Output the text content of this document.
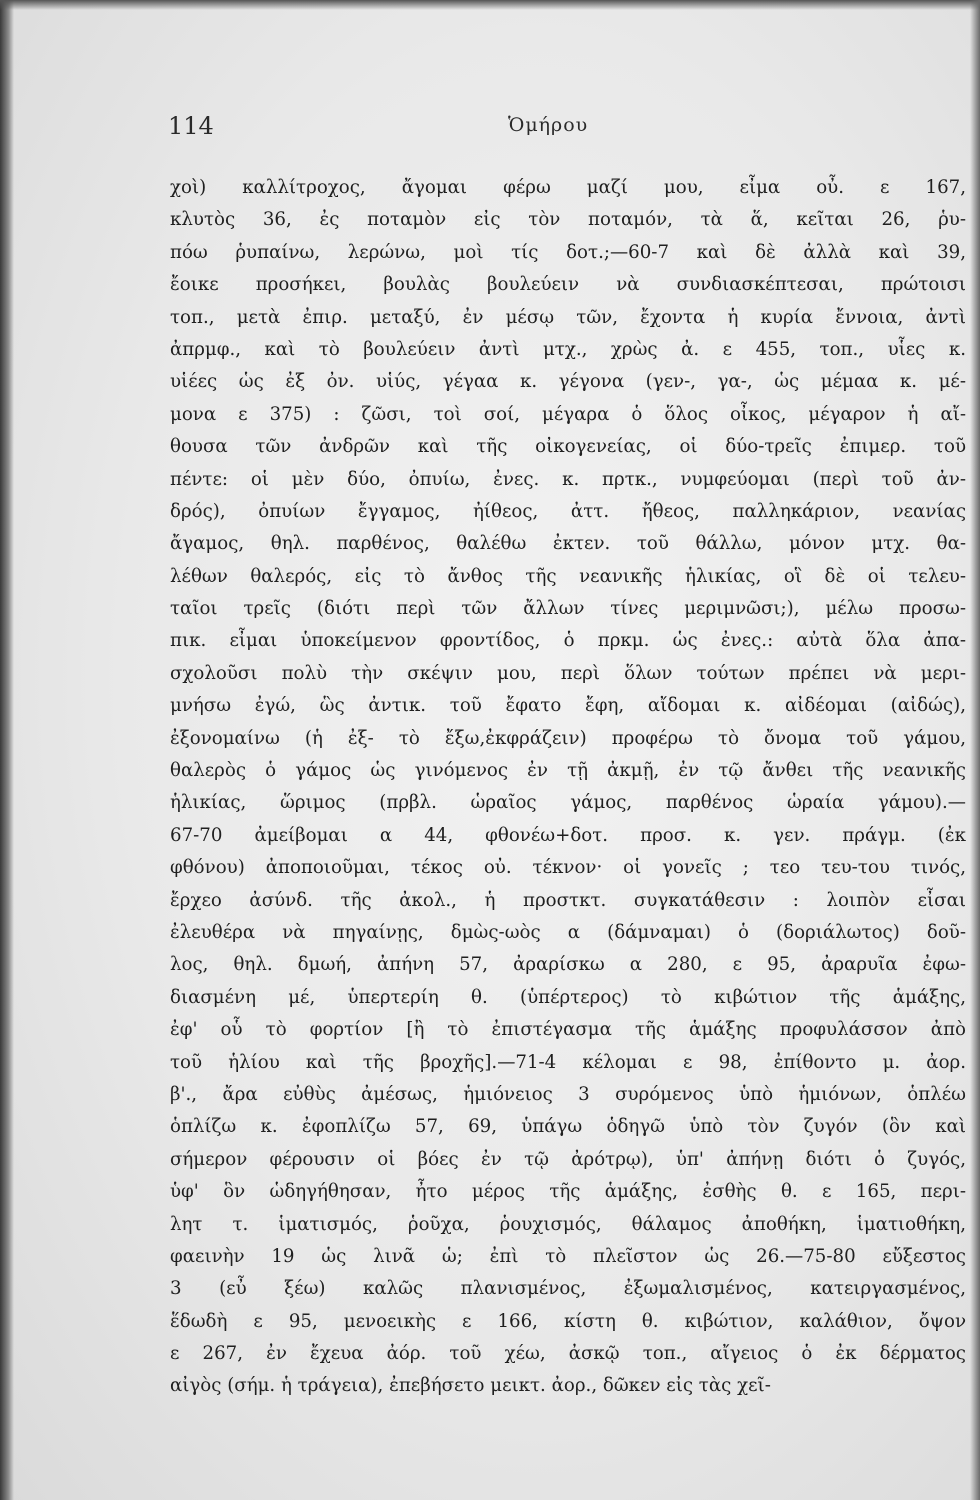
114	Ὁμήρου
χοὶ) καλλίτροχος, ἄγομαι φέρω μαζί μου, εἶμα οὖ. ε 167,
κλυτὸς 36, ἐς ποταμὸν εἰς τὸν ποταμόν, τὰ ἅ, κεῖται 26, ῥυ-
πόω ῥυπαίνω, λερώνω, μοὶ τίς δοτ.;—60-7 καὶ δὲ ἀλλὰ καὶ 39,
ἔοικε προσήκει, βουλὰς βουλεύειν νὰ συνδιασκέπτεσαι, πρώτοισι
τοπ., μετὰ ἐπιρ. μεταξύ, ἐν μέσῳ τῶν, ἔχοντα ἡ κυρία ἔννοια, ἀντὶ
ἀπρμφ., καὶ τὸ βουλεύειν ἀντὶ μτχ., χρὼς ἀ. ε 455, τοπ., υἷες κ.
υἱέες ὡς ἐξ ὀν. υἱύς, γέγαα κ. γέγονα (γεν-, γα-, ὡς μέμαα κ. μέ-
μονα ε 375) : ζῶσι, τοὶ σοί, μέγαρα ὁ ὅλος οἶκος, μέγαρον ἡ αἴ-
θουσα τῶν ἀνδρῶν καὶ τῆς οἰκογενείας, οἱ δύο-τρεῖς ἐπιμερ. τοῦ
πέντε: οἱ μὲν δύο, ὀπυίω, ἐνες. κ. πρτκ., νυμφεύομαι (περὶ τοῦ ἀν-
δρός), ὀπυίων ἔγγαμος, ἠίθεος, ἀττ. ἤθεος, παλληκάριον, νεανίας
ἄγαμος, θηλ. παρθένος, θαλέθω ἐκτεν. τοῦ θάλλω, μόνον μτχ. θα-
λέθων θαλερός, εἰς τὸ ἄνθος τῆς νεανικῆς ἡλικίας, οἳ δὲ οἱ τελευ-
ταῖοι τρεῖς (διότι περὶ τῶν ἄλλων τίνες μεριμνῶσι;), μέλω προσω-
πικ. εἶμαι ὑποκείμενον φροντίδος, ὁ πρκμ. ὡς ἐνες.: αὐτὰ ὅλα ἀπα-
σχολοῦσι πολὺ τὴν σκέψιν μου, περὶ ὅλων τούτων πρέπει νὰ μερι-
μνήσω ἐγώ, ὣς ἀντικ. τοῦ ἔφατο ἔφη, αἴδομαι κ. αἰδέομαι (αἰδώς),
ἐξονομαίνω (ἡ ἐξ- τὸ ἔξω,ἐκφράζειν) προφέρω τὸ ὄνομα τοῦ γάμου,
θαλερὸς ὁ γάμος ὡς γινόμενος ἐν τῇ ἀκμῇ, ἐν τῷ ἄνθει τῆς νεανικῆς
ἡλικίας, ὥριμος (πρβλ. ὡραῖος γάμος, παρθένος ὡραία γάμου).—
67-70 ἀμείβομαι α 44, φθονέω+δοτ. προσ. κ. γεν. πράγμ. (ἐκ
φθόνου) ἀποποιοῦμαι, τέκος οὐ. τέκνον· οἱ γονεῖς ; τεο τευ-του τινός,
ἔρχεο ἀσύνδ. τῆς ἀκολ., ἡ προστκτ. συγκατάθεσιν : λοιπὸν εἶσαι
ἐλευθέρα νὰ πηγαίνῃς, δμὼς-ωὸς α (δάμναμαι) ὁ (δοριάλωτος) δοῦ-
λος, θηλ. δμωή, ἀπήνη 57, ἀραρίσκω α 280, ε 95, ἀραρυῖα ἐφω-
διασμένη μέ, ὑπερτερίη θ. (ὑπέρτερος) τὸ κιβώτιον τῆς ἁμάξης,
ἐφ' οὗ τὸ φορτίον [ἢ τὸ ἐπιστέγασμα τῆς ἁμάξης προφυλάσσον ἀπὸ
τοῦ ἡλίου καὶ τῆς βροχῆς].—71-4 κέλομαι ε 98, ἐπίθοντο μ. ἀορ.
β'., ἄρα εὐθὺς ἀμέσως, ἡμιόνειος 3 συρόμενος ὑπὸ ἡμιόνων, ὁπλέω
ὁπλίζω κ. ἐφοπλίζω 57, 69, ὑπάγω ὁδηγῶ ὑπὸ τὸν ζυγόν (ὃν καὶ
σήμερον φέρουσιν οἱ βόες ἐν τῷ ἀρότρῳ), ὑπ' ἀπήνῃ διότι ὁ ζυγός,
ὑφ' ὃν ὡδηγήθησαν, ἦτο μέρος τῆς ἁμάξης, ἐσθὴς θ. ε 165, περι-
λητ τ. ἱματισμός, ῥοῦχα, ῥουχισμός, θάλαμος ἀποθήκη, ἱματιοθήκη,
φαεινὴν 19 ὡς λινᾶ ὡ; ἐπὶ τὸ πλεῖστον ὡς 26.—75-80 εὔξεστος
3 (εὖ ξέω) καλῶς πλανισμένος, ἐξωμαλισμένος, κατειργασμένος,
ἕδωδὴ ε 95, μενοεικὴς ε 166, κίστη θ. κιβώτιον, καλάθιον, ὄψον
ε 267, ἐν ἔχευα ἀόρ. τοῦ χέω, ἀσκῷ τοπ., αἴγειος ὁ ἐκ δέρματος
αἰγὸς (σήμ. ἡ τράγεια), ἐπεβήσετο μεικτ. ἀορ., δῶκεν εἰς τὰς χεῖ-
